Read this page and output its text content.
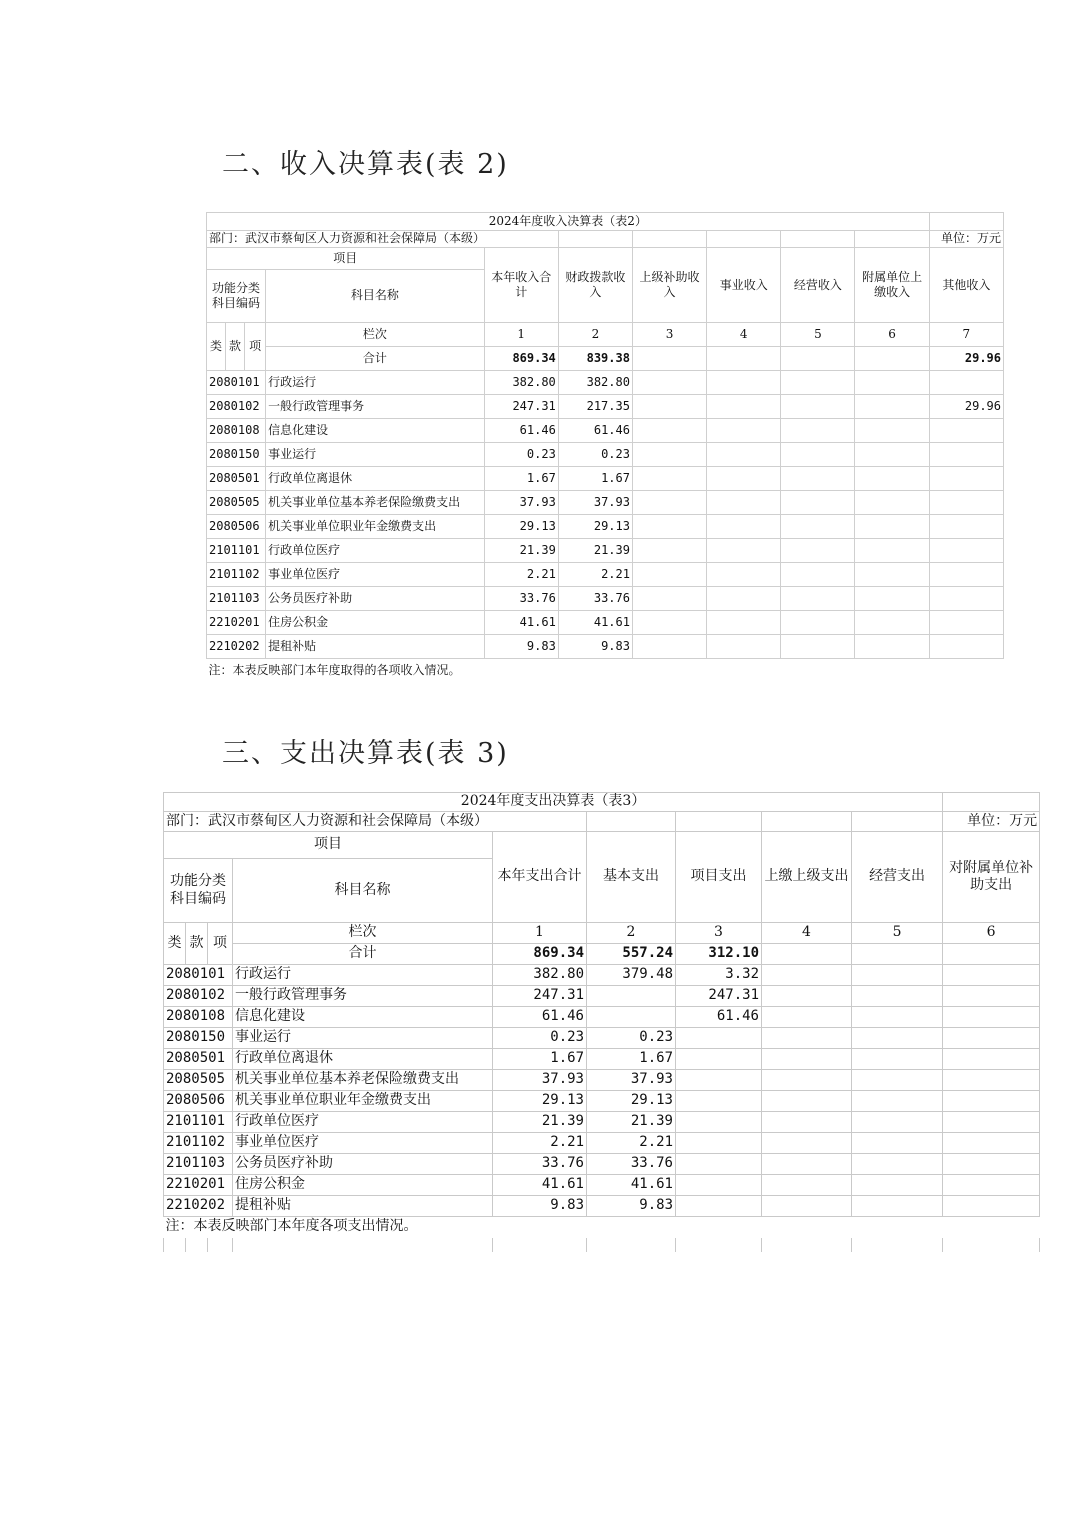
二、收入决算表(表 2)
2024年度收入决算表（表2）										
部门：武汉市蔡甸区人力资源和社会保障局（本级）										单位：万元
项目				本年收入合计	财政拨款收入	上级补助收入	事业收入	经营收入	附属单位上缴收入	其他收入
功能分类科目编码			科目名称							
类	款	项	栏次	1	2	3	4	5	6	7
			合计	869.34	839.38					29.96
2080101			行政运行	382.80	382.80					
2080102			一般行政管理事务	247.31	217.35					29.96
2080108			信息化建设	61.46	61.46					
2080150			事业运行	0.23	0.23					
2080501			行政单位离退休	1.67	1.67					
2080505			机关事业单位基本养老保险缴费支出	37.93	37.93					
2080506			机关事业单位职业年金缴费支出	29.13	29.13					
2101101			行政单位医疗	21.39	21.39					
2101102			事业单位医疗	2.21	2.21					
2101103			公务员医疗补助	33.76	33.76					
2210201			住房公积金	41.61	41.61					
2210202			提租补贴	9.83	9.83					
注：本表反映部门本年度取得的各项收入情况。										
三、支出决算表(表 3)
2024年度支出决算表（表3）									
部门：武汉市蔡甸区人力资源和社会保障局（本级）									单位：万元
项目				本年支出合计	基本支出	项目支出	上缴上级支出	经营支出	对附属单位补助支出
功能分类科目编码			科目名称						
类	款	项	栏次	1	2	3	4	5	6
			合计	869.34	557.24	312.10			
2080101			行政运行	382.80	379.48	3.32			
2080102			一般行政管理事务	247.31		247.31			
2080108			信息化建设	61.46		61.46			
2080150			事业运行	0.23	0.23				
2080501			行政单位离退休	1.67	1.67				
2080505			机关事业单位基本养老保险缴费支出	37.93	37.93				
2080506			机关事业单位职业年金缴费支出	29.13	29.13				
2101101			行政单位医疗	21.39	21.39				
2101102			事业单位医疗	2.21	2.21				
2101103			公务员医疗补助	33.76	33.76				
2210201			住房公积金	41.61	41.61				
2210202			提租补贴	9.83	9.83				
注：本表反映部门本年度各项支出情况。									
